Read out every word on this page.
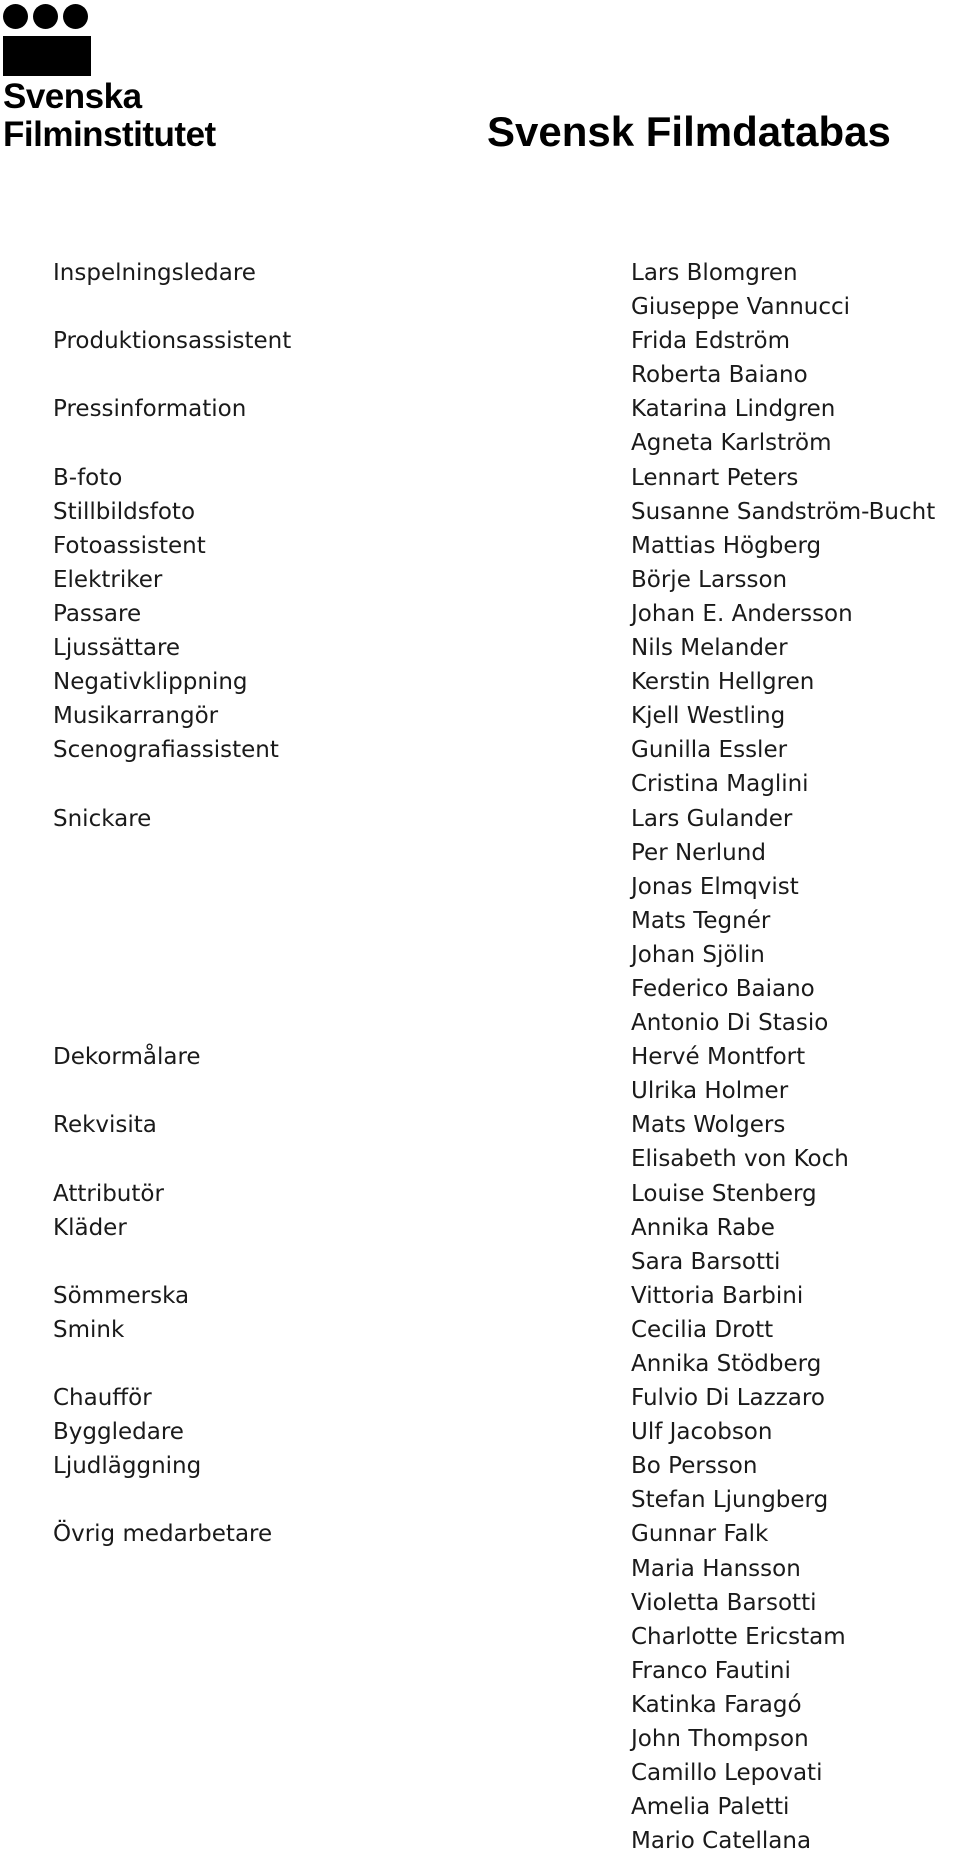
Svenska
Filminstitutet	Svensk Filmdatabas
Inspelningsledare	Lars Blomgren
Giuseppe Vannucci
Produktionsassistent	Frida Edström
Roberta Baiano
Pressinformation	Katarina Lindgren
Agneta Karlström
B-foto	Lennart Peters
Stillbildsfoto	Susanne Sandström-Bucht
Fotoassistent	Mattias Högberg
Elektriker	Börje Larsson
Passare	Johan E. Andersson
Ljussättare	Nils Melander
Negativklippning	Kerstin Hellgren
Musikarrangör	Kjell Westling
Scenografiassistent	Gunilla Essler
Cristina Maglini
Snickare	Lars Gulander
Per Nerlund
Jonas Elmqvist
Mats Tegnér
Johan Sjölin
Federico Baiano
Antonio Di Stasio
Dekormålare	Hervé Montfort
Ulrika Holmer
Rekvisita	Mats Wolgers
Elisabeth von Koch
Attributör	Louise Stenberg
Kläder	Annika Rabe
Sara Barsotti
Sömmerska	Vittoria Barbini
Smink	Cecilia Drott
Annika Stödberg
Chaufför	Fulvio Di Lazzaro
Byggledare	Ulf Jacobson
Ljudläggning	Bo Persson
Stefan Ljungberg
Övrig medarbetare	Gunnar Falk
Maria Hansson
Violetta Barsotti
Charlotte Ericstam
Franco Fautini
Katinka Faragó
John Thompson
Camillo Lepovati
Amelia Paletti
Mario Catellana
